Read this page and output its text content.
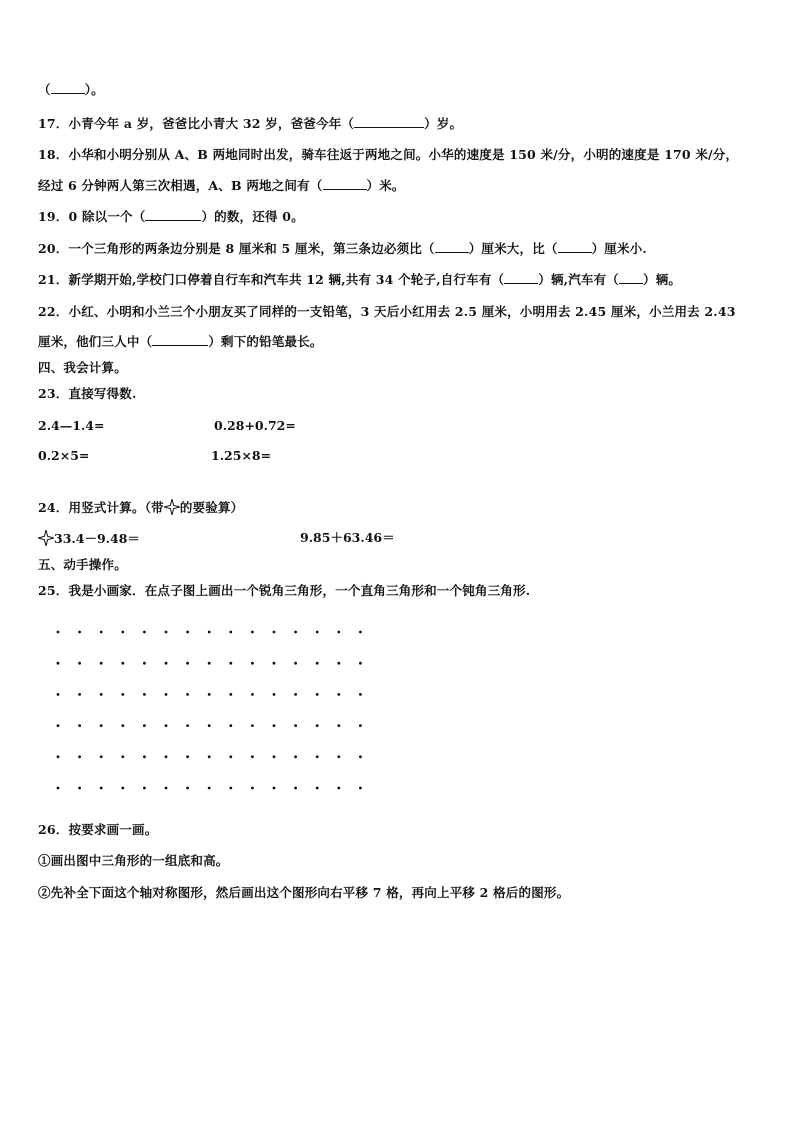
（	）。
17．小青今年 a 岁，爸爸比小青大 32 岁，爸爸今年（	）岁。
18．小华和小明分别从 A、B 两地同时出发，骑车往返于两地之间。小华的速度是 150 米/分，小明的速度是 170 米/分，
经过 6 分钟两人第三次相遇，A、B 两地之间有（	）米。
19．0 除以一个（	）的数，还得 0。
20．一个三角形的两条边分别是 8 厘米和 5 厘米，第三条边必须比（	）厘米大，比（	）厘米小.
21．新学期开始,学校门口停着自行车和汽车共 12 辆,共有 34 个轮子,自行车有（	）辆,汽车有（ ）辆。
22．小红、小明和小兰三个小朋友买了同样的一支铅笔，3 天后小红用去 2.5 厘米，小明用去 2.45 厘米，小兰用去 2.43
厘米，他们三人中（	）剩下的铅笔最长。
四、我会计算。
23．直接写得数.
2.4—1.4=	0.28+0.72=
0.2×5=	1.25×8=
24．用竖式计算。（带 的要验算）
33.4－9.48＝	9.85＋63.46＝
五、动手操作。
25．我是小画家．在点子图上画出一个锐角三角形，一个直角三角形和一个钝角三角形.
26．按要求画一画。
①画出图中三角形的一组底和高。
②先补全下面这个轴对称图形，然后画出这个图形向右平移 7 格，再向上平移 2 格后的图形。
